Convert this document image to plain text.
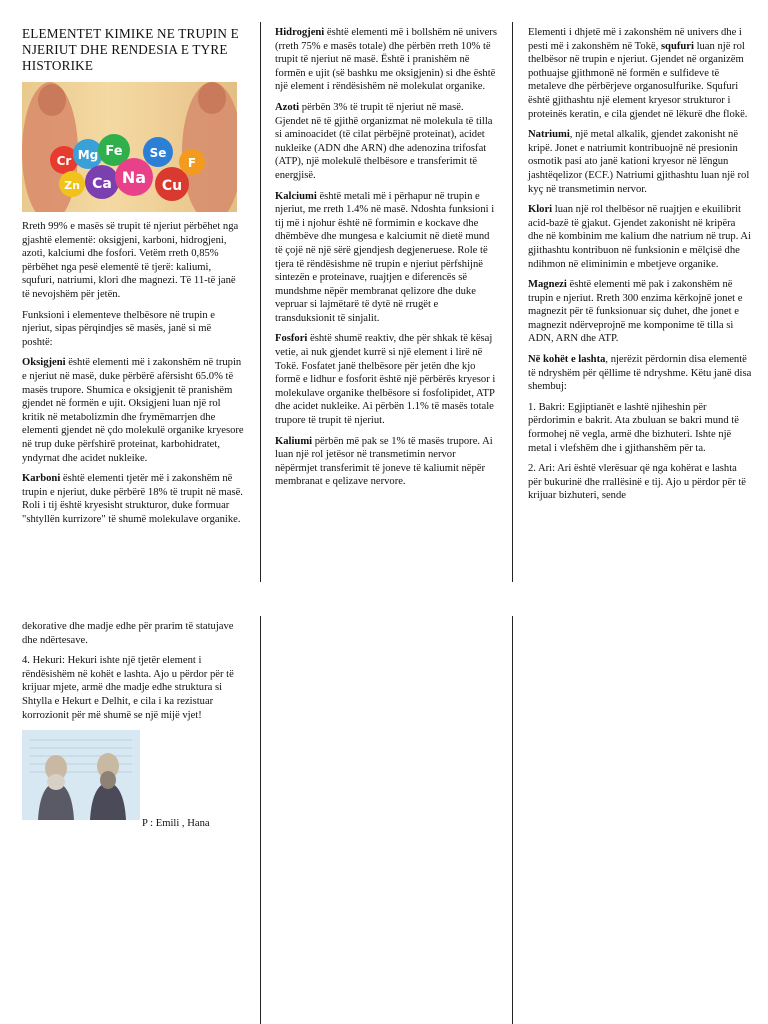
ELEMENTET KIMIKE NE TRUPIN E NJERIUT DHE RENDESIA E TYRE HISTORIKE
Cr Mg
Zn
Fe
Ca Na
Se
Cu
F

Rreth 99% e masës së trupit të njeriut përbëhet nga gjashtë elementë: oksigjeni, karboni, hidrogjeni, azoti, kalciumi dhe fosfori. Vetëm rreth 0,85% përbëhet nga pesë elementë të tjerë: kaliumi, squfuri, natriumi, klori dhe magnezi. Të 11-të janë të nevojshëm për jetën.

Funksioni i elementeve thelbësore në trupin e njeriut, sipas përqindjes së masës, janë si më poshtë:

Oksigjeni është elementi më i zakonshëm në trupin e njeriut në masë, duke përbërë afërsisht 65.0% të masës trupore. Shumica e oksigjenit të pranishëm gjendet në formën e ujit. Oksigjeni luan një rol kritik në metabolizmin dhe frymëmarrjen dhe elementi gjendet në çdo molekulë organike kryesore në trup duke përfshirë proteinat, karbohidratet, yndyrnat dhe acidet nukleike.

Karboni është elementi tjetër më i zakonshëm në trupin e njeriut, duke përbërë 18% të trupit në masë. Roli i tij është kryesisht strukturor, duke formuar "shtyllën kurrizore" të shumë molekulave organike.

Hidrogjeni është elementi më i bollshëm në univers (rreth 75% e masës totale) dhe përbën rreth 10% të trupit të njeriut në masë. Është i pranishëm në formën e ujit (së bashku me oksigjenin) si dhe është një element i rëndësishëm në molekulat organike.

Azoti përbën 3% të trupit të njeriut në masë. Gjendet në të gjithë organizmat në molekula të tilla si aminoacidet (të cilat përbëjnë proteinat), acidet nukleike (ADN dhe ARN) dhe adenozina trifosfat (ATP), një molekulë thelbësore e transferimit të energjisë.

Kalciumi është metali më i përhapur në trupin e njeriut, me rreth 1.4% në masë. Ndoshta funksioni i tij më i njohur është në formimin e kockave dhe dhëmbëve dhe mungesa e kalciumit në dietë mund të çojë në një sërë gjendjesh degjeneruese. Role të tjera të rëndësishme në trupin e njeriut përfshijnë sintezën e proteinave, ruajtjen e diferencës së mundshme nëpër membranat qelizore dhe duke vepruar si lajmëtarë të dytë në rrugët e transduksionit të sinjalit.

Fosfori është shumë reaktiv, dhe për shkak të kësaj vetie, ai nuk gjendet kurrë si një element i lirë në Tokë. Fosfatet janë thelbësore për jetën dhe kjo formë e lidhur e fosforit është një përbërës kryesor i molekulave organike thelbësore si fosfolipidet, ATP dhe acidet nukleike. Ai përbën 1.1% të masës totale trupore të trupit të njeriut.

Kaliumi përbën më pak se 1% të masës trupore. Ai luan një rol jetësor në transmetimin nervor nëpërmjet transferimit të joneve të kaliumit nëpër membranat e qelizave nervore.

Elementi i dhjetë më i zakonshëm në univers dhe i pesti më i zakonshëm në Tokë, squfuri luan një rol thelbësor në trupin e njeriut. Gjendet në organizëm pothuajse gjithmonë në formën e sulfideve të metaleve dhe përbërjeve organosulfurike. Squfuri është gjithashtu një element kryesor strukturor i proteinës keratin, e cila gjendet në lëkurë dhe flokë.

Natriumi, një metal alkalik, gjendet zakonisht në kripë. Jonet e natriumit kontribuojnë në presionin osmotik pasi ato janë kationi kryesor në lëngun jashtëqelizor (ECF.) Natriumi gjithashtu luan një rol kyç në transmetimin nervor.

Klori luan një rol thelbësor në ruajtjen e ekuilibrit acid-bazë të gjakut. Gjendet zakonisht në kripëra dhe në kombinim me kalium dhe natrium në trup. Ai gjithashtu kontribuon në funksionin e mëlçisë dhe ndihmon në eliminimin e mbetjeve organike.

Magnezi është elementi më pak i zakonshëm në trupin e njeriut. Rreth 300 enzima kërkojnë jonet e magnezit për të funksionuar siç duhet, dhe jonet e magnezit ndërveprojnë me komponime të tilla si ADN, ARN dhe ATP.

Në kohët e lashta, njerëzit përdornin disa elementë të ndryshëm për qëllime të ndryshme. Këtu janë disa shembuj:

1. Bakri: Egjiptianët e lashtë njiheshin për përdorimin e bakrit. Ata zbuluan se bakri mund të formohej në vegla, armë dhe bizhuteri. Ishte një metal i vlefshëm dhe i gjithanshëm për ta.

2. Ari: Ari është vlerësuar që nga kohërat e lashta për bukurinë dhe rrallësinë e tij. Ajo u përdor për të krijuar bizhuteri, sende

dekorative dhe madje edhe për prarim të statujave dhe ndërtesave.

4. Hekuri: Hekuri ishte një tjetër element i rëndësishëm në kohët e lashta. Ajo u përdor për të krijuar mjete, armë dhe madje edhe struktura si Shtylla e Hekurt e Delhit, e cila i ka rezistuar korrozionit për më shumë se një mijë vjet!

P : Emili , Hana
